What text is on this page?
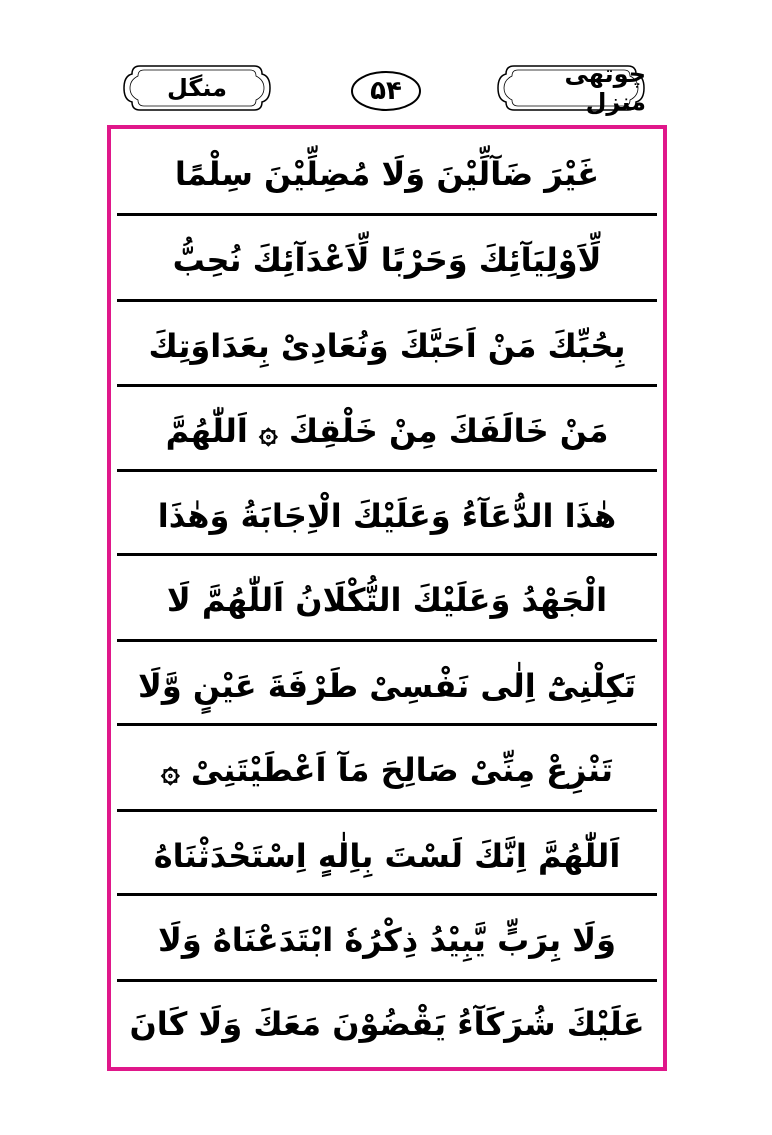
چوتھی منزل
۵۴
منگل
غَيْرَ ضَآلِّيْنَ وَلَا مُضِلِّيْنَ سِلْمًا
لِّاَوْلِيَآئِكَ وَحَرْبًا لِّاَعْدَآئِكَ نُحِبُّ
بِحُبِّكَ مَنْ اَحَبَّكَ وَنُعَادِىْ بِعَدَاوَتِكَ
مَنْ خَالَفَكَ مِنْ خَلْقِكَ ۞ اَللّٰهُمَّ
هٰذَا الدُّعَآءُ وَعَلَيْكَ الْاِجَابَةُ وَهٰذَا
الْجَهْدُ وَعَلَيْكَ التُّكْلَانُ اَللّٰهُمَّ لَا
تَكِلْنِىْٓ اِلٰى نَفْسِىْ طَرْفَةَ عَيْنٍ وَّلَا
تَنْزِعْ مِنِّىْ صَالِحَ مَآ اَعْطَيْتَنِىْ ۞
اَللّٰهُمَّ اِنَّكَ لَسْتَ بِاِلٰهٍ اِسْتَحْدَثْنَاهُ
وَلَا بِرَبٍّ يَّبِيْدُ ذِكْرُهٗ ابْتَدَعْنَاهُ وَلَا
عَلَيْكَ شُرَكَآءُ يَقْضُوْنَ مَعَكَ وَلَا كَانَ
